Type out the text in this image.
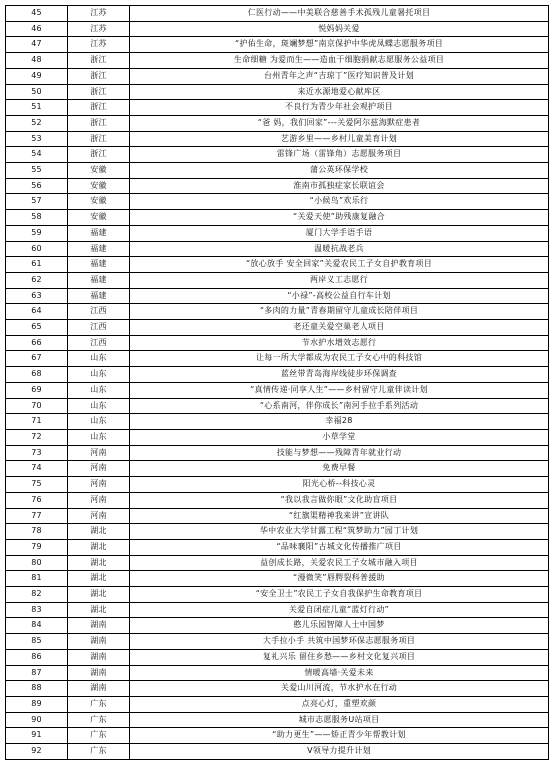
45	江苏	仁医行动——中美联合慈善手术孤残儿童暑托项目
46	江苏	悦妈妈关爱
47	江苏	“护佑生命，斑斓梦想”南京保护中华虎凤蝶志愿服务项目
48	浙江	生命细糖 为爱而生——造血干细胞捐献志愿服务公益项目
49	浙江	台州青年之声“吉琼丁”医疗知识普及计划
50	浙江	来近水源地爱心献库区
51	浙江	不良行为青少年社会观护项目
52	浙江	“爸 妈，我们回家”---关爱阿尔兹海默症患者
53	浙江	艺游乡里——乡村儿童美育计划
54	浙江	雷锋广场（雷锋角）志愿服务项目
55	安徽	蒲公英环保学校
56	安徽	淮南市孤独症家长联谊会
57	安徽	“小候鸟”欢乐行
58	安徽	“关爱天使”助残康复融合
59	福建	厦门大学手语手语
60	福建	温暖抗战老兵
61	福建	“放心放手 安全回家”关爱农民工子女自护教育项目
62	福建	两岸义工志愿行
63	福建	“小禄”-高校公益自行车计划
64	江西	“多肉的力量”青春期留守儿童成长陪伴项目
65	江西	老还童关爱空巢老人项目
66	江西	节水护水增效志愿行
67	山东	让每一所大学都成为农民工子女心中的科技馆
68	山东	蓝丝带青岛海岸线徒步环保调查
69	山东	“真情传递·同享人生”——乡村留守儿童伴读计划
70	山东	“心系南河，伴你成长”南河手拉手系列活动
71	山东	幸福28
72	山东	小草学堂
73	河南	技能与梦想——残障青年就业行动
74	河南	免费早餐
75	河南	阳光心桥--科技心灵
76	河南	“我以我言做你眼”文化助盲项目
77	河南	“红旗渠精神我来讲”宣讲队
78	湖北	华中农业大学甘露工程“筑梦助力”园丁计划
79	湖北	“品味襄阳”古城文化传播推广项目
80	湖北	益创成长路，关爱农民工子女城市融入项目
81	湖北	“漫微笑”唇腭裂科普援助
82	湖北	“安全卫士”农民工子女自我保护生命教育项目
83	湖北	关爱自闭症儿童“蓝灯行动”
84	湖南	憨儿乐园智障人士中国梦
85	湖南	大手拉小手 共筑中国梦环保志愿服务项目
86	湖南	复礼兴乐 留住乡愁——乡村文化复兴项目
87	湖南	情暖高墙·关爱未来
88	湖南	关爱山川河流，节水护水在行动
89	广东	点亮心灯，重塑欢颜
90	广东	城市志愿服务U站项目
91	广东	“助力更生”——矫正青少年帮教计划
92	广东	V领导力提升计划
